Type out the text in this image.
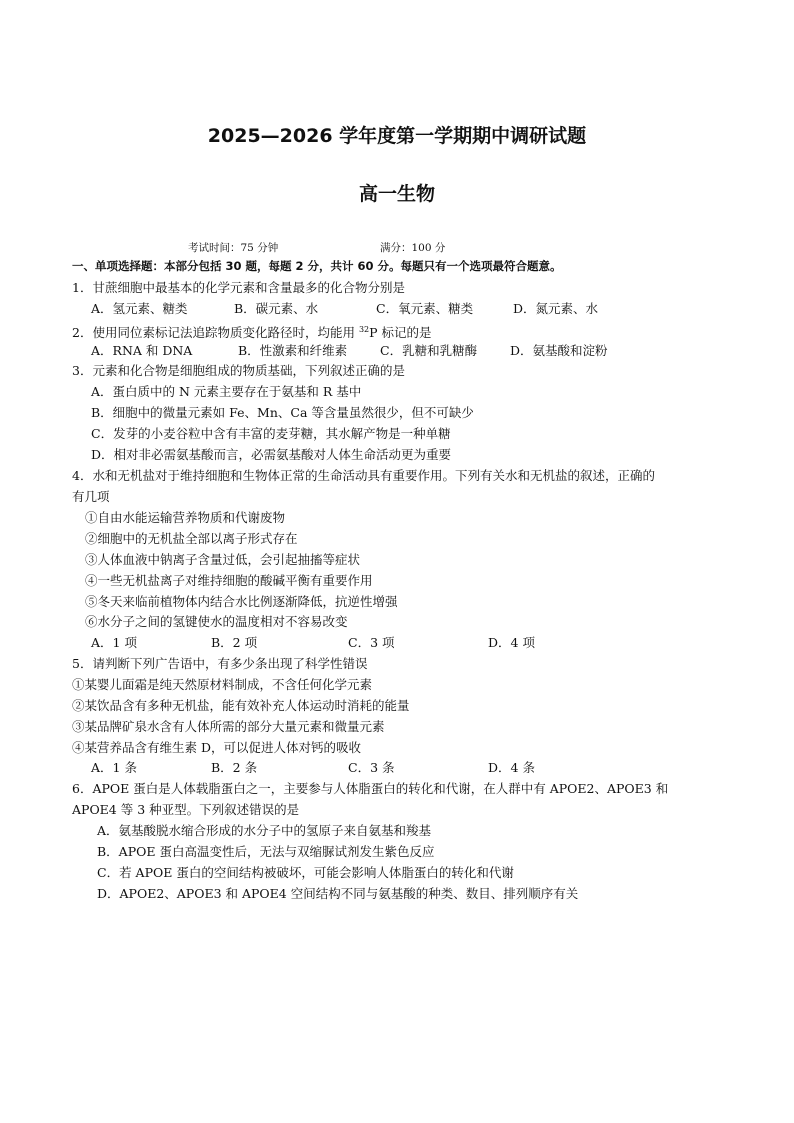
2025—2026 学年度第一学期期中调研试题
高一生物
考试时间：75 分钟	满分：100 分
一、单项选择题：本部分包括 30 题，每题 2 分，共计 60 分。每题只有一个选项最符合题意。
1．甘蔗细胞中最基本的化学元素和含量最多的化合物分别是
A．氢元素、糖类	B．碳元素、水	C．氧元素、糖类	D．氮元素、水
2．使用同位素标记法追踪物质变化路径时，均能用 $^{32}$P 标记的是
A．RNA 和 DNA	B．性激素和纤维素	C．乳糖和乳糖酶	D．氨基酸和淀粉
3．元素和化合物是细胞组成的物质基础，下列叙述正确的是
A．蛋白质中的 N 元素主要存在于氨基和 R 基中
B．细胞中的微量元素如 Fe、Mn、Ca 等含量虽然很少，但不可缺少
C．发芽的小麦谷粒中含有丰富的麦芽糖，其水解产物是一种单糖
D．相对非必需氨基酸而言，必需氨基酸对人体生命活动更为重要
4．水和无机盐对于维持细胞和生物体正常的生命活动具有重要作用。下列有关水和无机盐的叙述，正确的
有几项
①自由水能运输营养物质和代谢废物
②细胞中的无机盐全部以离子形式存在
③人体血液中钠离子含量过低，会引起抽搐等症状
④一些无机盐离子对维持细胞的酸碱平衡有重要作用
⑤冬天来临前植物体内结合水比例逐渐降低，抗逆性增强
⑥水分子之间的氢键使水的温度相对不容易改变
A．1 项	B．2 项	C．3 项	D．4 项
5．请判断下列广告语中，有多少条出现了科学性错误
①某婴儿面霜是纯天然原材料制成，不含任何化学元素
②某饮品含有多种无机盐，能有效补充人体运动时消耗的能量
③某品牌矿泉水含有人体所需的部分大量元素和微量元素
④某营养品含有维生素 D，可以促进人体对钙的吸收
A．1 条	B．2 条	C．3 条	D．4 条
6．APOE 蛋白是人体载脂蛋白之一，主要参与人体脂蛋白的转化和代谢，在人群中有 APOE2、APOE3 和
APOE4 等 3 种亚型。下列叙述错误的是
A．氨基酸脱水缩合形成的水分子中的氢原子来自氨基和羧基
B．APOE 蛋白高温变性后，无法与双缩脲试剂发生紫色反应
C．若 APOE 蛋白的空间结构被破坏，可能会影响人体脂蛋白的转化和代谢
D．APOE2、APOE3 和 APOE4 空间结构不同与氨基酸的种类、数目、排列顺序有关
